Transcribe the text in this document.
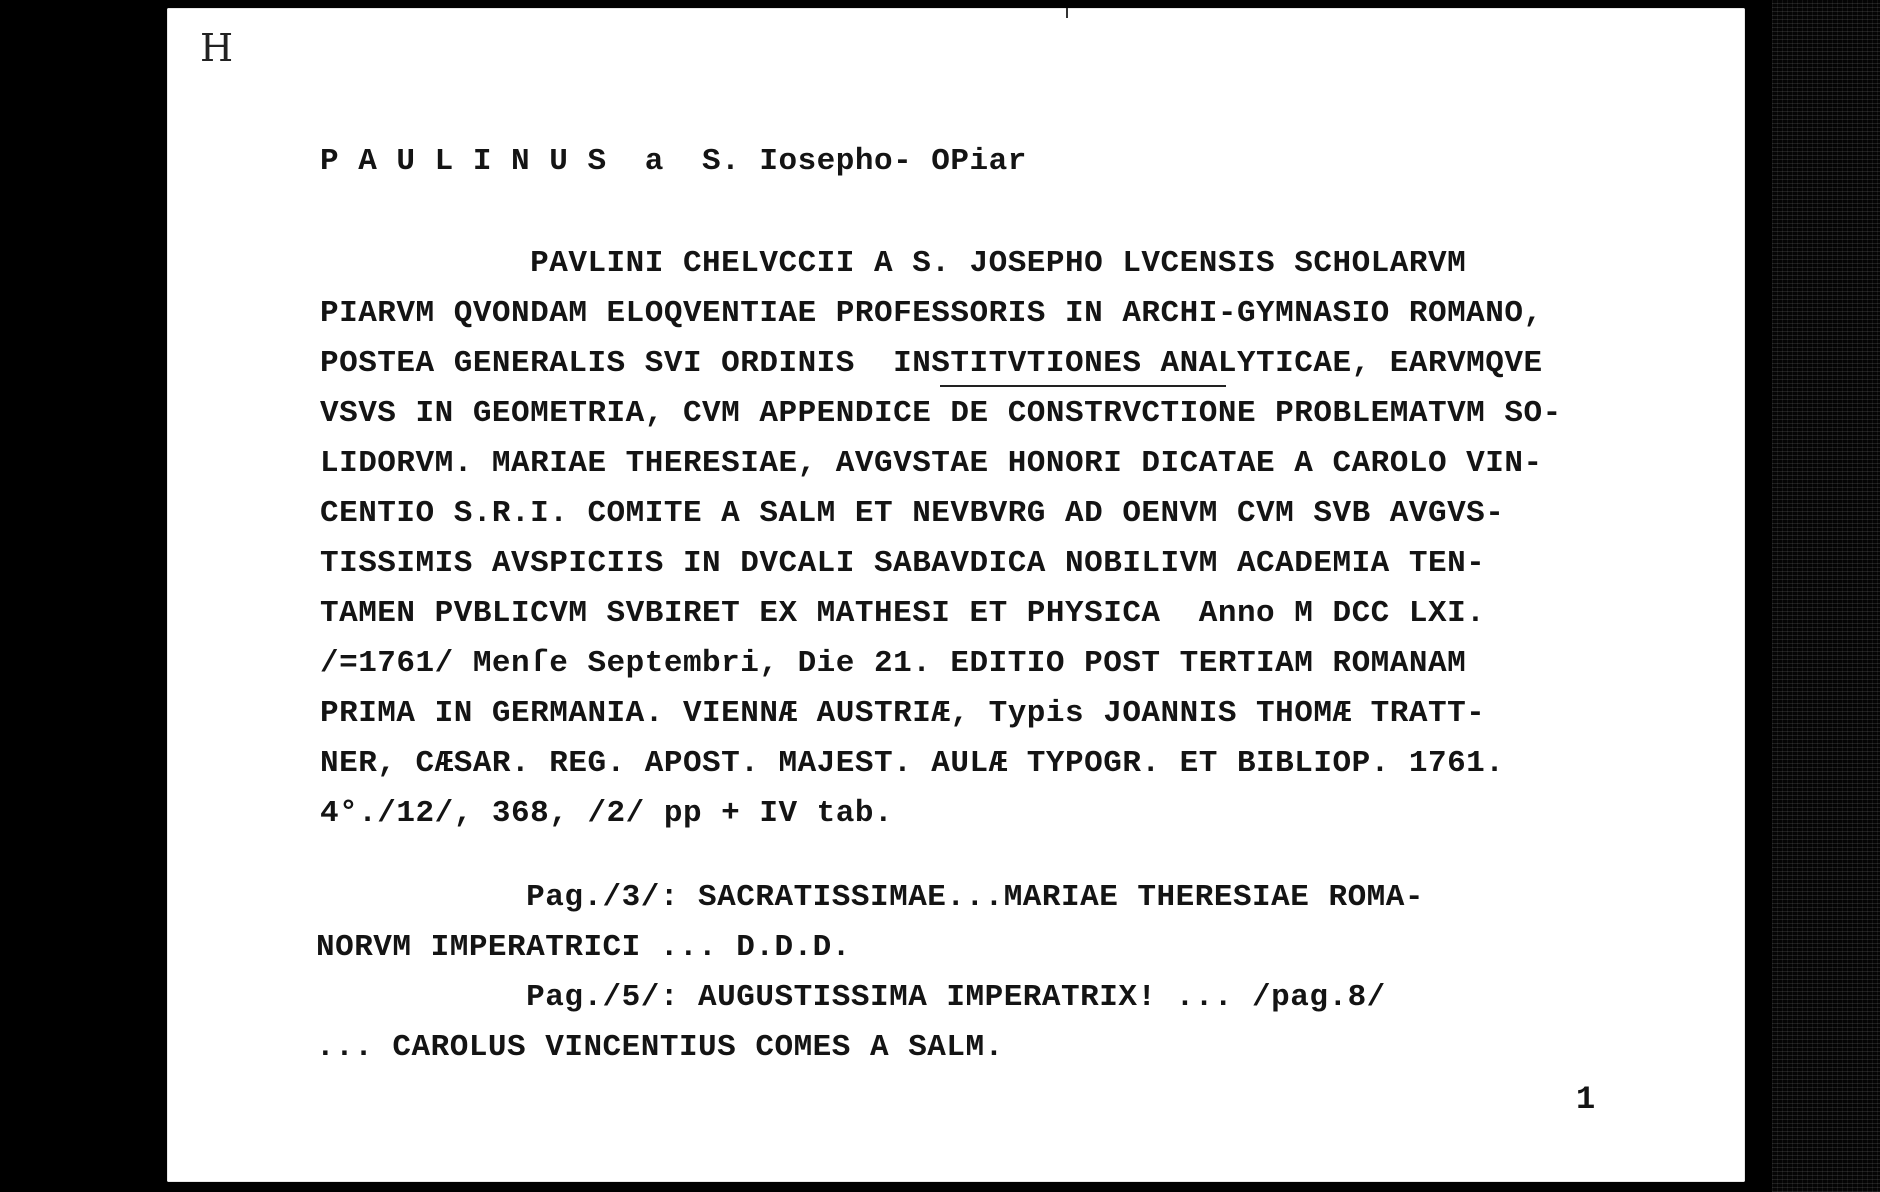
H
P A U L I N U S  a  S. Iosepho- OPiar
PAVLINI CHELVCCII A S. JOSEPHO LVCENSIS SCHOLARVM
PIARVM QVONDAM ELOQVENTIAE PROFESSORIS IN ARCHI-GYMNASIO ROMANO,
POSTEA GENERALIS SVI ORDINIS  INSTITVTIONES ANALYTICAE, EARVMQVE
VSVS IN GEOMETRIA, CVM APPENDICE DE CONSTRVCTIONE PROBLEMATVM SO-
LIDORVM. MARIAE THERESIAE, AVGVSTAE HONORI DICATAE A CAROLO VIN-
CENTIO S.R.I. COMITE A SALM ET NEVBVRG AD OENVM CVM SVB AVGVS-
TISSIMIS AVSPICIIS IN DVCALI SABAVDICA NOBILIVM ACADEMIA TEN-
TAMEN PVBLICVM SVBIRET EX MATHESI ET PHYSICA  Anno M DCC LXI.
/=1761/ Menſe Septembri, Die 21. EDITIO POST TERTIAM ROMANAM
PRIMA IN GERMANIA. VIENNÆ AUSTRIÆ, Typis JOANNIS THOMÆ TRATT-
NER, CÆSAR. REG. APOST. MAJEST. AULÆ TYPOGR. ET BIBLIOP. 1761.
4°./12/, 368, /2/ pp + IV tab.
Pag./3/: SACRATISSIMAE...MARIAE THERESIAE ROMA-
NORVM IMPERATRICI ... D.D.D.
Pag./5/: AUGUSTISSIMA IMPERATRIX! ... /pag.8/
... CAROLUS VINCENTIUS COMES A SALM.
1
